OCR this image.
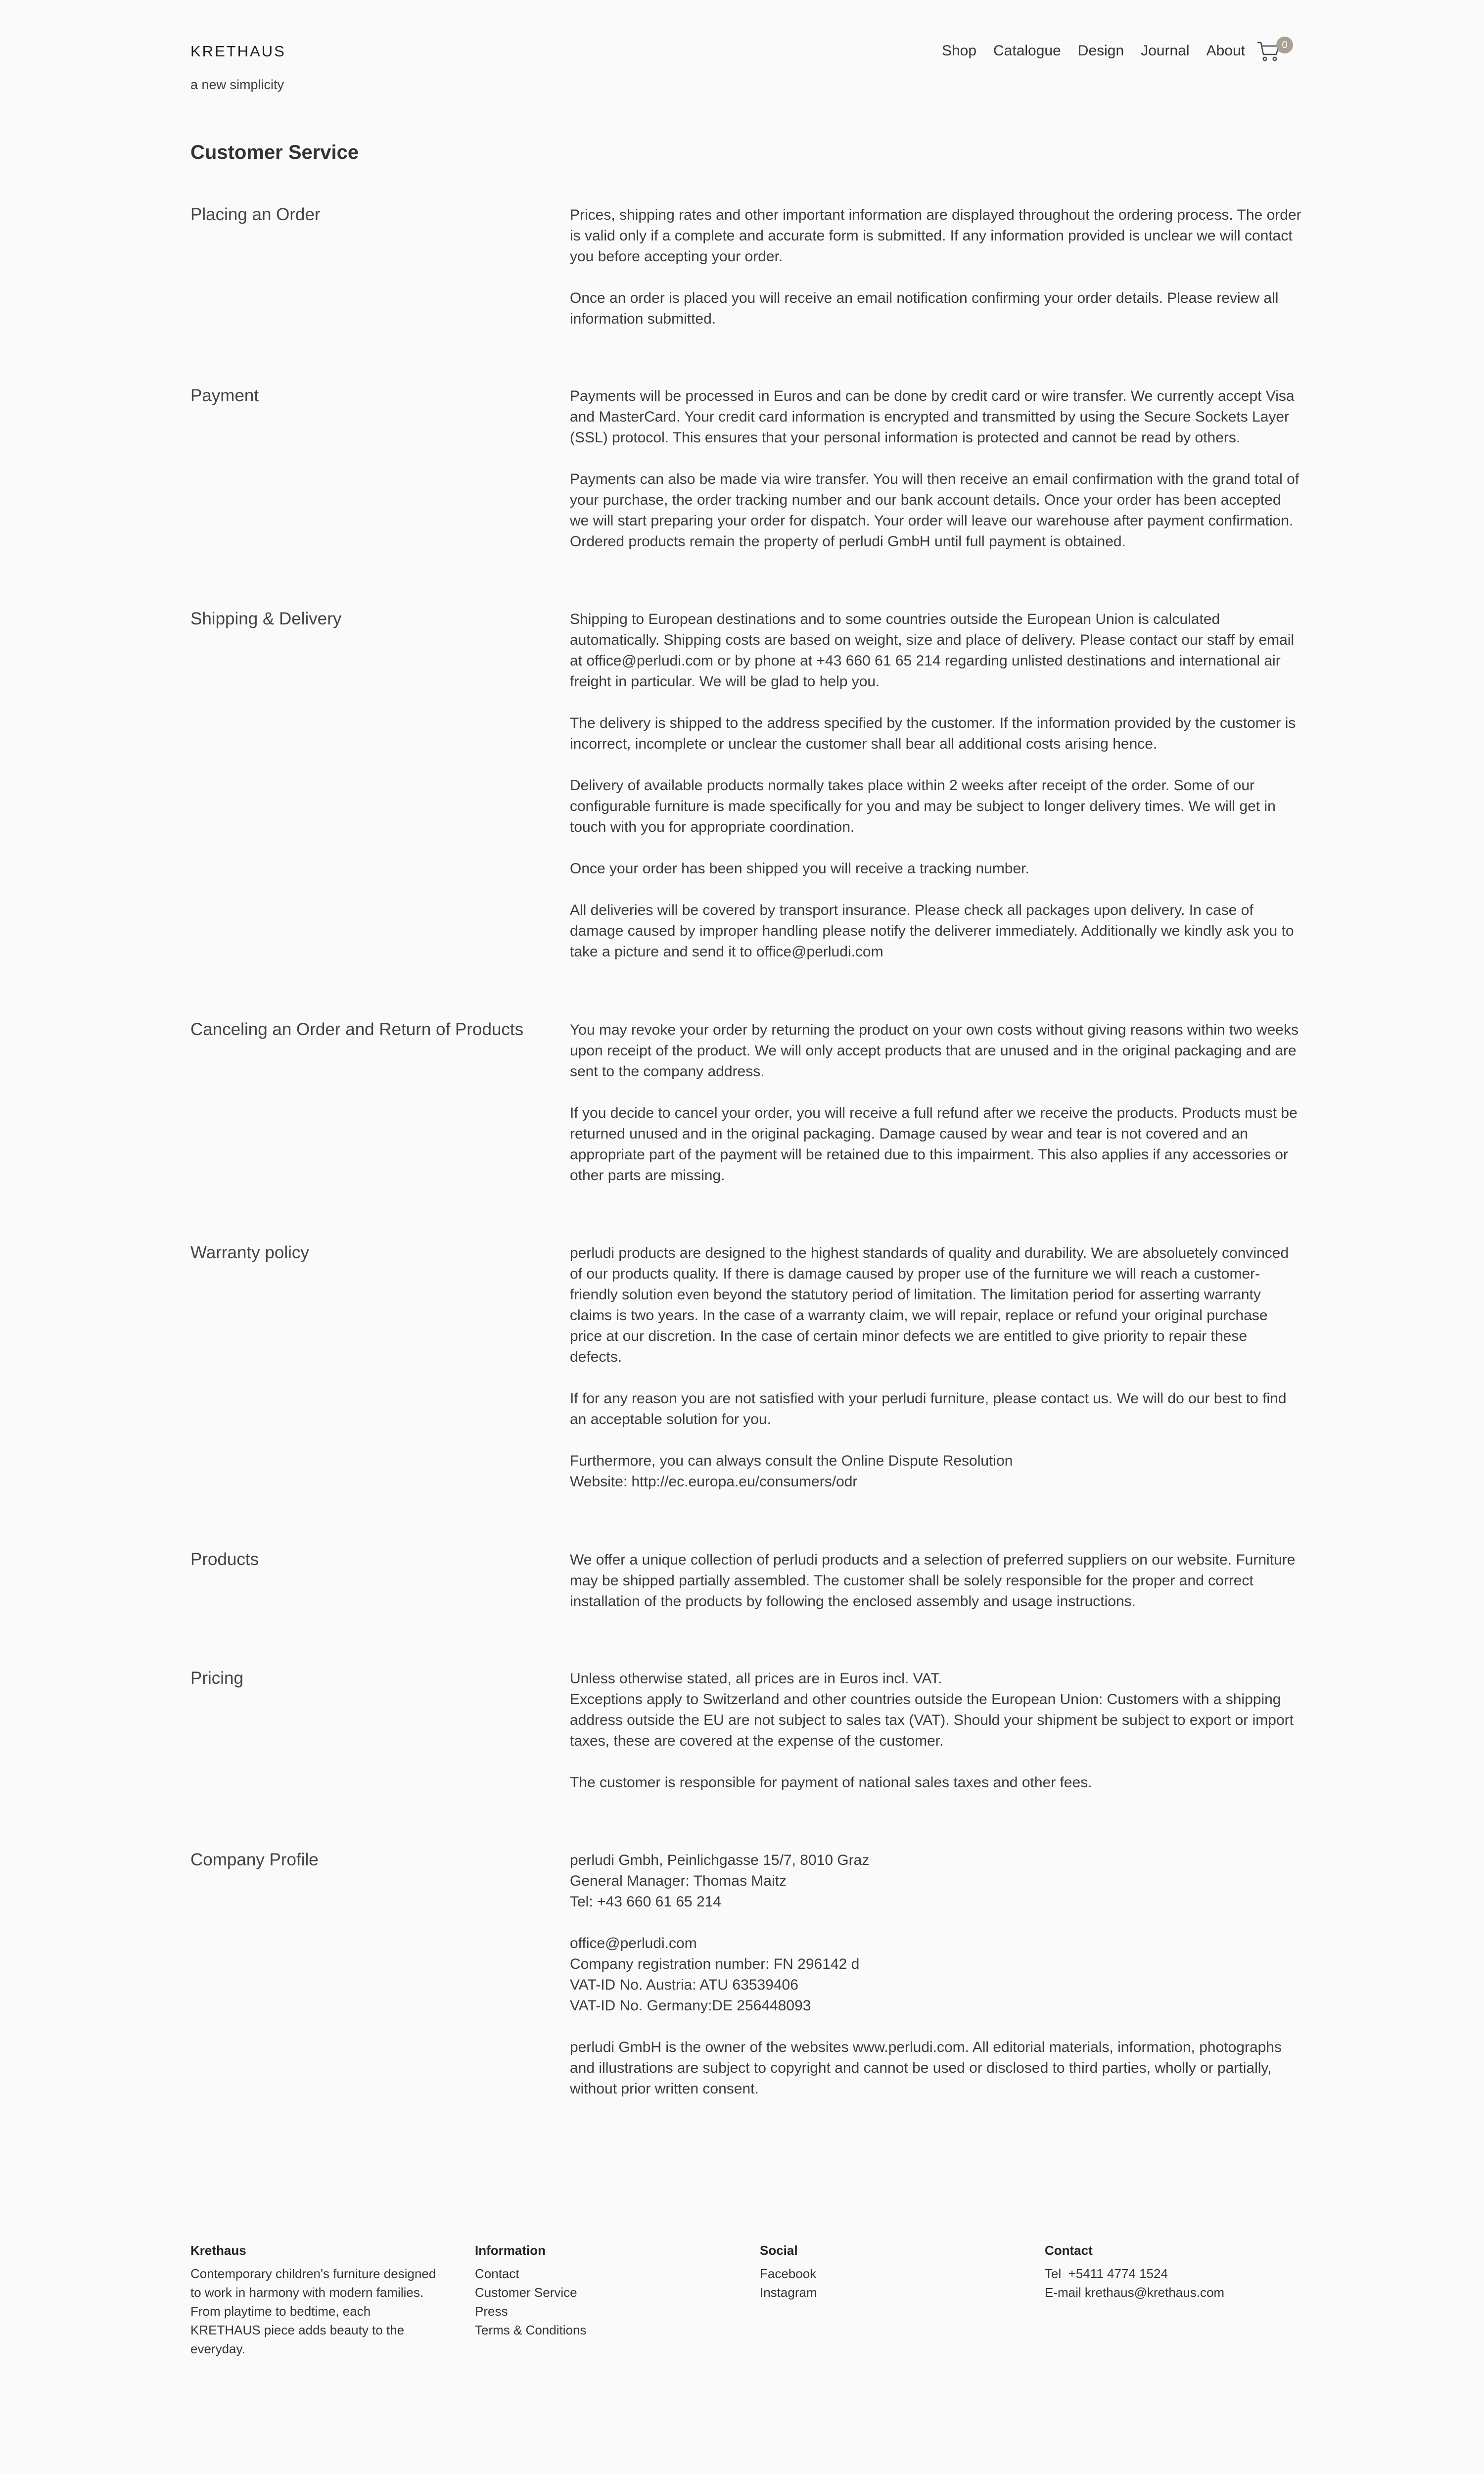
KRETHAUS
a new simplicity
Shop Catalogue Design Journal About	0
Customer Service
Placing an Order	Prices, shipping rates and other important information are displayed throughout the ordering process. The order is valid only if a complete and accurate form is submitted. If any information provided is unclear we will contact you before accepting your order.

Once an order is placed you will receive an email notification confirming your order details. Please review all information submitted.

Payment	Payments will be processed in Euros and can be done by credit card or wire transfer. We currently accept Visa and MasterCard. Your credit card information is encrypted and transmitted by using the Secure Sockets Layer (SSL) protocol. This ensures that your personal information is protected and cannot be read by others.

Payments can also be made via wire transfer. You will then receive an email confirmation with the grand total of your purchase, the order tracking number and our bank account details. Once your order has been accepted we will start preparing your order for dispatch. Your order will leave our warehouse after payment confirmation. Ordered products remain the property of perludi GmbH until full payment is obtained.

Shipping & Delivery	Shipping to European destinations and to some countries outside the European Union is calculated automatically. Shipping costs are based on weight, size and place of delivery. Please contact our staff by email at office@perludi.com or by phone at +43 660 61 65 214 regarding unlisted destinations and international air freight in particular. We will be glad to help you.

The delivery is shipped to the address specified by the customer. If the information provided by the customer is incorrect, incomplete or unclear the customer shall bear all additional costs arising hence.

Delivery of available products normally takes place within 2 weeks after receipt of the order. Some of our configurable furniture is made specifically for you and may be subject to longer delivery times. We will get in touch with you for appropriate coordination.

Once your order has been shipped you will receive a tracking number.

All deliveries will be covered by transport insurance. Please check all packages upon delivery. In case of damage caused by improper handling please notify the deliverer immediately. Additionally we kindly ask you to take a picture and send it to office@perludi.com

Canceling an Order and Return of Products	You may revoke your order by returning the product on your own costs without giving reasons within two weeks upon receipt of the product. We will only accept products that are unused and in the original packaging and are sent to the company address.

If you decide to cancel your order, you will receive a full refund after we receive the products. Products must be returned unused and in the original packaging. Damage caused by wear and tear is not covered and an appropriate part of the payment will be retained due to this impairment. This also applies if any accessories or other parts are missing.

Warranty policy	perludi products are designed to the highest standards of quality and durability. We are absoluetely convinced of our products quality. If there is damage caused by proper use of the furniture we will reach a customer-friendly solution even beyond the statutory period of limitation. The limitation period for asserting warranty claims is two years. In the case of a warranty claim, we will repair, replace or refund your original purchase price at our discretion. In the case of certain minor defects we are entitled to give priority to repair these defects.

If for any reason you are not satisfied with your perludi furniture, please contact us. We will do our best to find an acceptable solution for you.

Furthermore, you can always consult the Online Dispute Resolution
Website: http://ec.europa.eu/consumers/odr

Products	We offer a unique collection of perludi products and a selection of preferred suppliers on our website. Furniture may be shipped partially assembled. The customer shall be solely responsible for the proper and correct installation of the products by following the enclosed assembly and usage instructions.

Pricing	Unless otherwise stated, all prices are in Euros incl. VAT.
Exceptions apply to Switzerland and other countries outside the European Union: Customers with a shipping address outside the EU are not subject to sales tax (VAT). Should your shipment be subject to export or import taxes, these are covered at the expense of the customer.

The customer is responsible for payment of national sales taxes and other fees.

Company Profile	perludi Gmbh, Peinlichgasse 15/7, 8010 Graz
General Manager: Thomas Maitz
Tel: +43 660 61 65 214

office@perludi.com
Company registration number: FN 296142 d
VAT-ID No. Austria: ATU 63539406
VAT-ID No. Germany:DE 256448093

perludi GmbH is the owner of the websites www.perludi.com. All editorial materials, information, photographs and illustrations are subject to copyright and cannot be used or disclosed to third parties, wholly or partially, without prior written consent.

Krethaus

Contemporary children's furniture designed to work in harmony with modern families. From playtime to bedtime, each KRETHAUS piece adds beauty to the everyday.

Information
Contact
Customer Service
Press
Terms & Conditions
Social
Facebook
Instagram
Contact
Tel  +5411 4774 1524
E-mail krethaus@krethaus.com
